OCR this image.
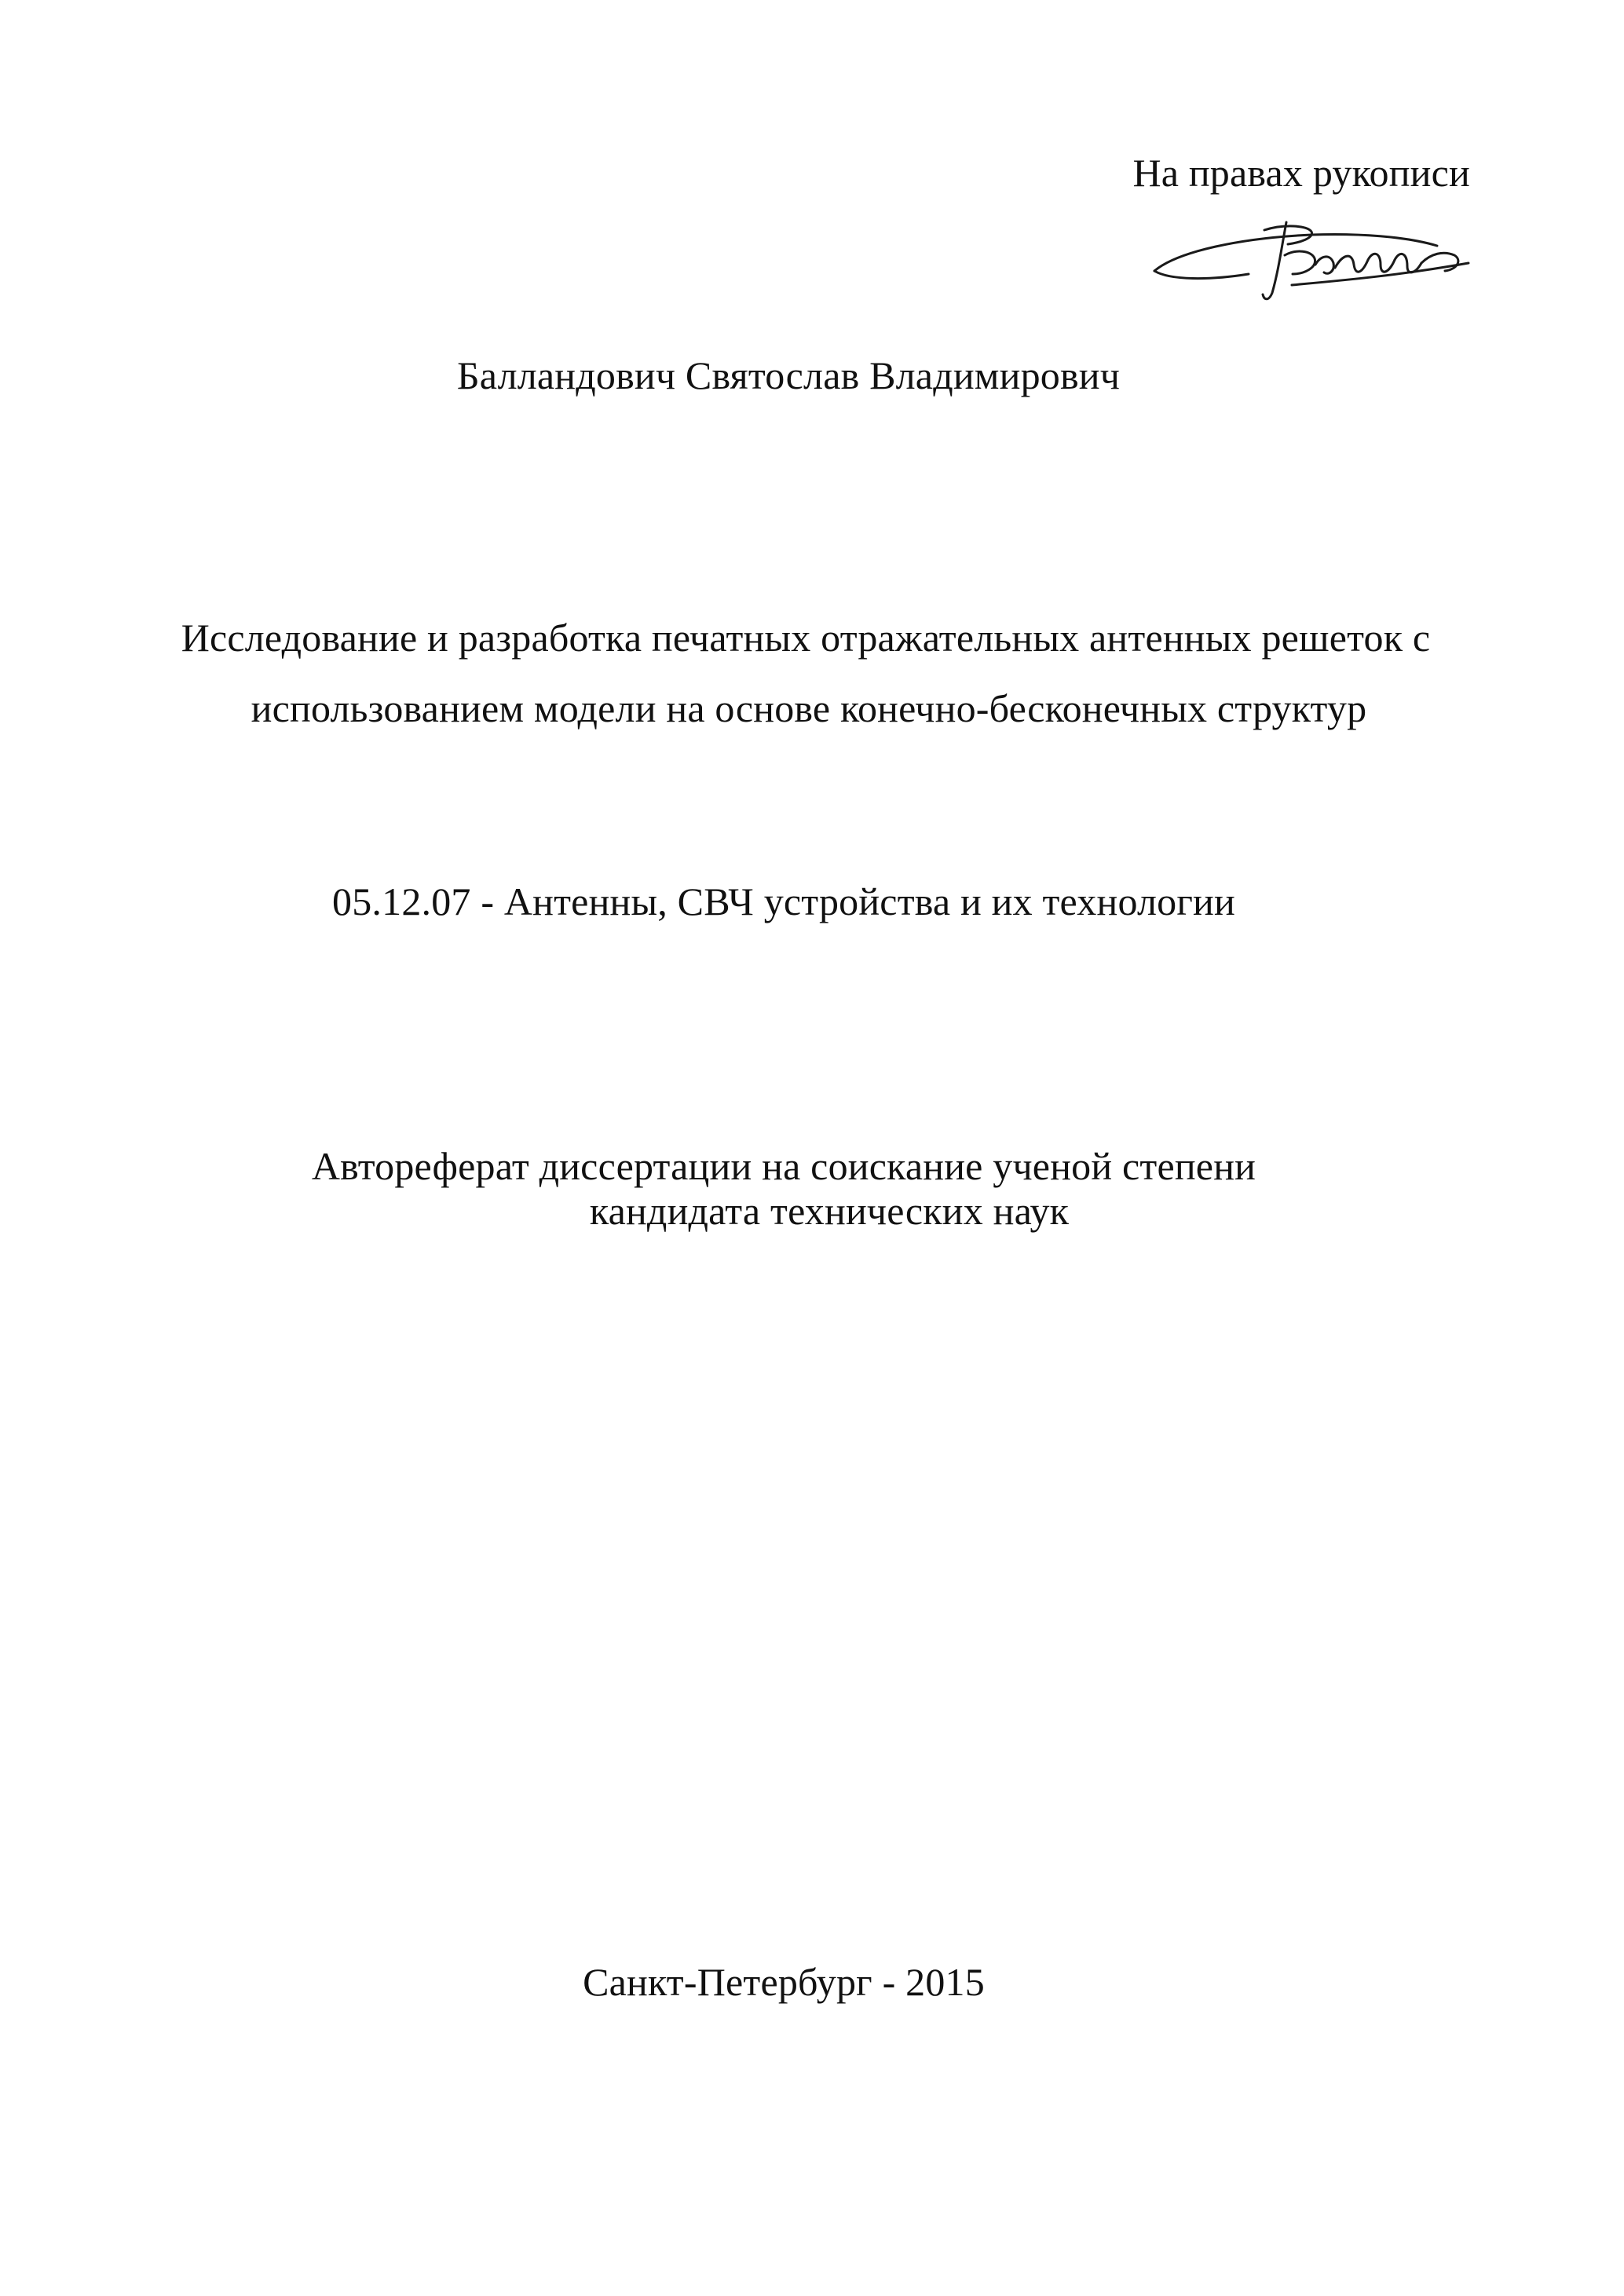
На правах рукописи
Балландович Святослав Владимирович
Исследование и разработка печатных отражательных антенных решеток с
использованием модели на основе конечно-бесконечных структур
05.12.07 - Антенны, СВЧ устройства и их технологии
Автореферат диссертации на соискание ученой степени
кандидата технических наук
Санкт-Петербург - 2015
